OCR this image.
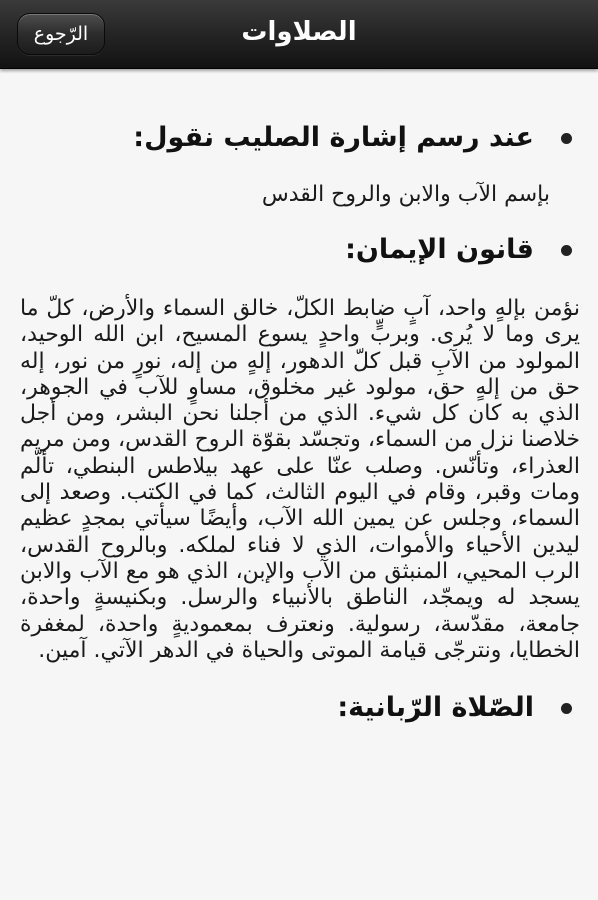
الصلاوات
الرّجوع
عند رسم إشارة الصليب نقول:

بإسم الآب والابن والروح القدس

قانون الإيمان:

نؤمن بإلهٍ واحد، آبٍ ضابط الكلّ، خالق السماء والأرض، كلّ ما يرى وما لا يُرى. وبربٍّ واحدٍ يسوع المسيح، ابن الله الوحيد، المولود من الآبِ قبل كلّ الدهور، إلهٍ من إله، نورٍ من نور، إله حق من إلهٍ حق، مولود غير مخلوق، مساوٍ للآب في الجوهر، الذي به كان كل شيء. الذي من أجلنا نحن البشر، ومن أجل خلاصنا نزل من السماء، وتجسّد بقوّة الروح القدس، ومن مريم العذراء، وتأنّس. وصلب عنّا على عهد بيلاطس البنطي، تألّم ومات وقبر، وقام في اليوم الثالث، كما في الكتب. وصعد إلى السماء، وجلس عن يمين الله الآب، وأيضًا سيأتي بمجدٍ عظيم ليدين الأحياء والأموات، الذي لا فناء لملكه. وبالروح القدس، الرب المحيي، المنبثق من الآب والإبن، الذي هو مع الآب والابن يسجد له ويمجّد، الناطق بالأنبياء والرسل. وبكنيسةٍ واحدة، جامعة، مقدّسة، رسولية. ونعترف بمعموديةٍ واحدة، لمغفرة الخطايا، ونترجّى قيامة الموتى والحياة في الدهر الآتي. آمين.

الصّلاة الرّبانية:
